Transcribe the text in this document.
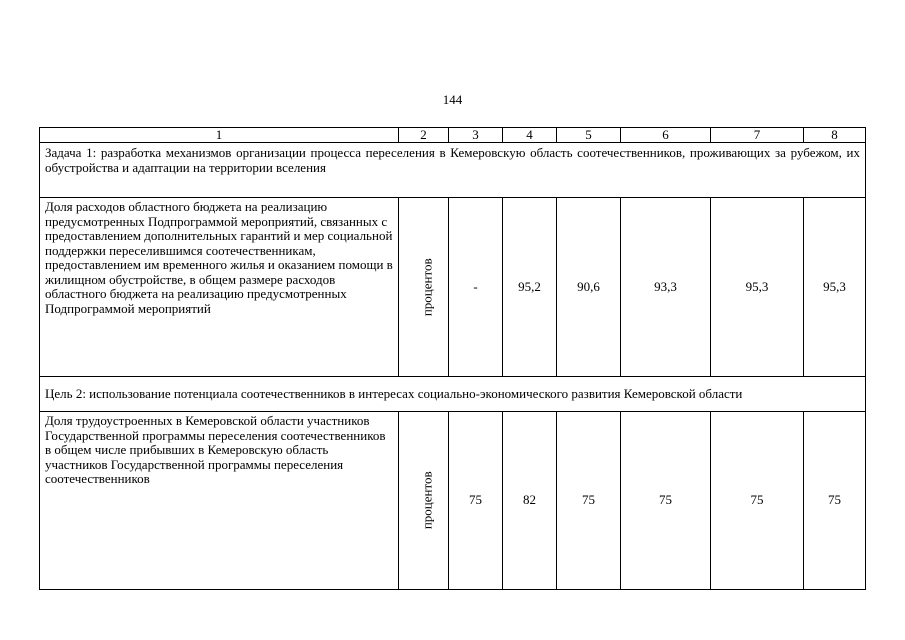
144
1	2	3	4	5	6	7	8
Задача 1: разработка механизмов организации процесса переселения в Кемеровскую область соотечественников, проживающих за рубежом, их обустройства и адаптации на территории вселения							
Доля расходов областного бюджета на реализацию предусмотренных Подпрограммой мероприятий, связанных с предоставлением дополнительных гарантий и мер социальной поддержки переселившимся соотечественникам, предоставлением им временного жилья и оказанием помощи в жилищном обустройстве, в общем размере расходов областного бюджета на реализацию предусмотренных Подпрограммой мероприятий	процентов	-	95,2	90,6	93,3	95,3	95,3
Цель 2: использование потенциала соотечественников в интересах социально-экономического развития Кемеровской области							
Доля трудоустроенных в Кемеровской области участников Государственной программы переселения соотечественников в общем числе прибывших в Кемеровскую область участников Государственной программы переселения соотечественников	процентов	75	82	75	75	75	75
